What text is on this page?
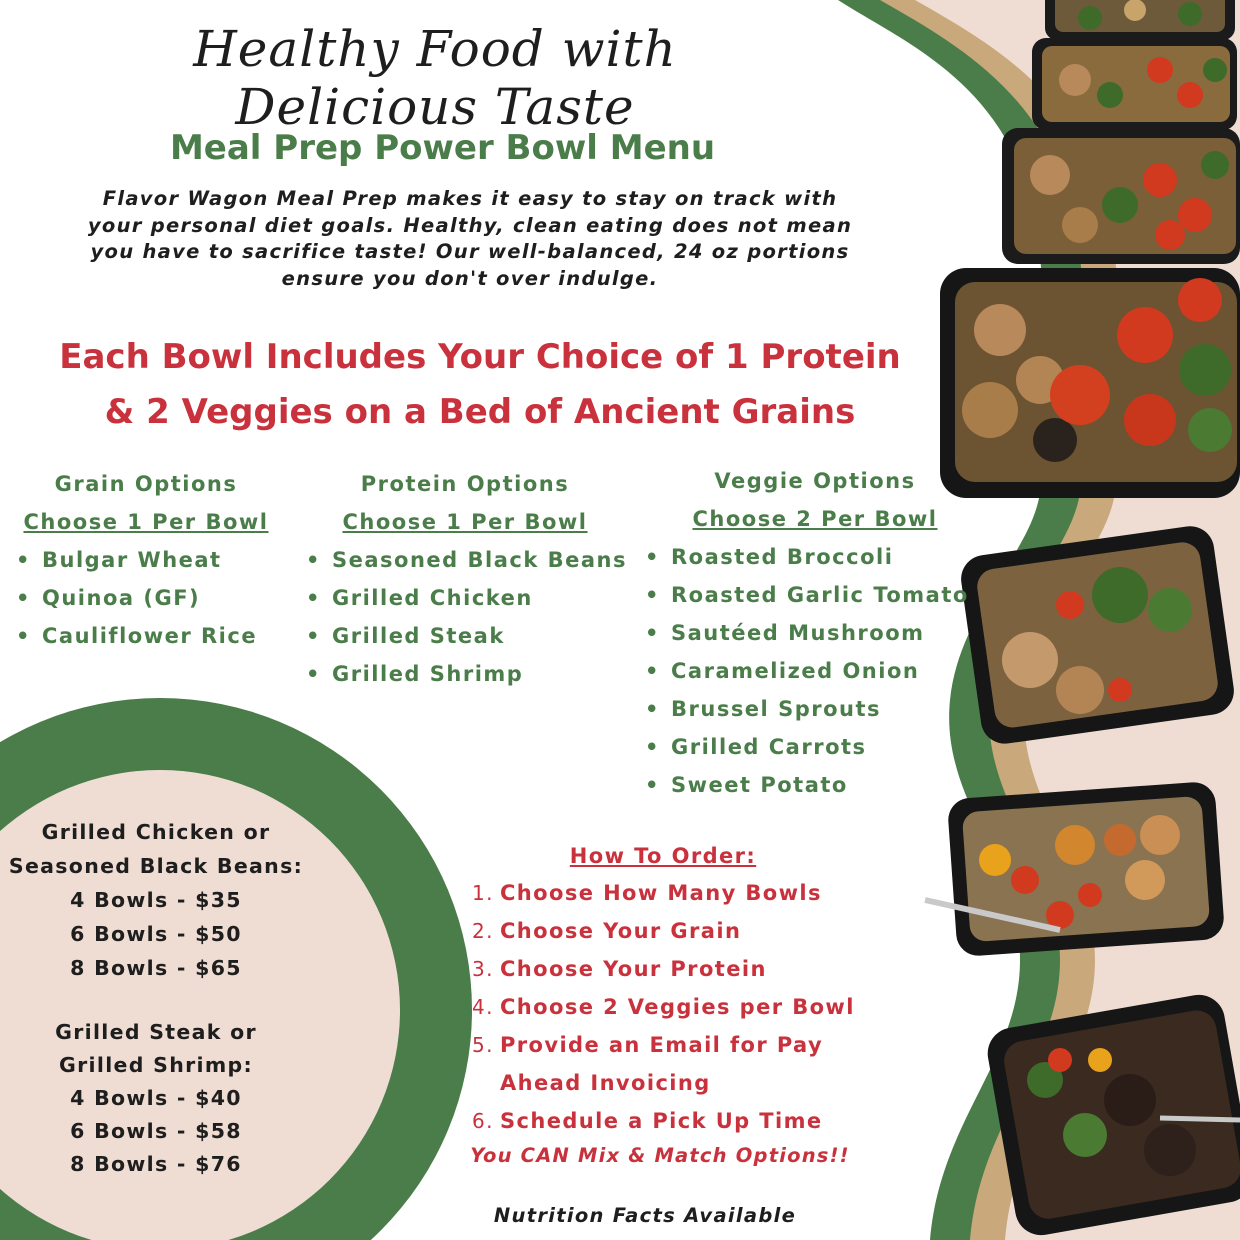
Healthy Food with Delicious Taste
Meal Prep Power Bowl Menu
Flavor Wagon Meal Prep makes it easy to stay on track with
your personal diet goals. Healthy, clean eating does not mean
you have to sacrifice taste! Our well-balanced, 24 oz portions
ensure you don't over indulge.
Each Bowl Includes Your Choice of 1 Protein
& 2 Veggies on a Bed of Ancient Grains
Grain Options
Choose 1 Per Bowl
• Bulgar Wheat
• Quinoa (GF)
• Cauliflower Rice
Protein Options
Choose 1 Per Bowl
• Seasoned Black Beans
• Grilled Chicken
• Grilled Steak
• Grilled Shrimp
Veggie Options
Choose 2 Per Bowl
• Roasted Broccoli
• Roasted Garlic Tomato
• Sautéed Mushroom
• Caramelized Onion
• Brussel Sprouts
• Grilled Carrots
• Sweet Potato
Grilled Chicken or
Seasoned Black Beans:
4 Bowls - $35
6 Bowls - $50
8 Bowls - $65
Grilled Steak or
Grilled Shrimp:
4 Bowls - $40
6 Bowls - $58
8 Bowls - $76
How To Order:
1. Choose How Many Bowls
2. Choose Your Grain
3. Choose Your Protein
4. Choose 2 Veggies per Bowl
5. Provide an Email for Pay
Ahead Invoicing
6. Schedule a Pick Up Time
You CAN Mix & Match Options!!
Nutrition Facts Available
